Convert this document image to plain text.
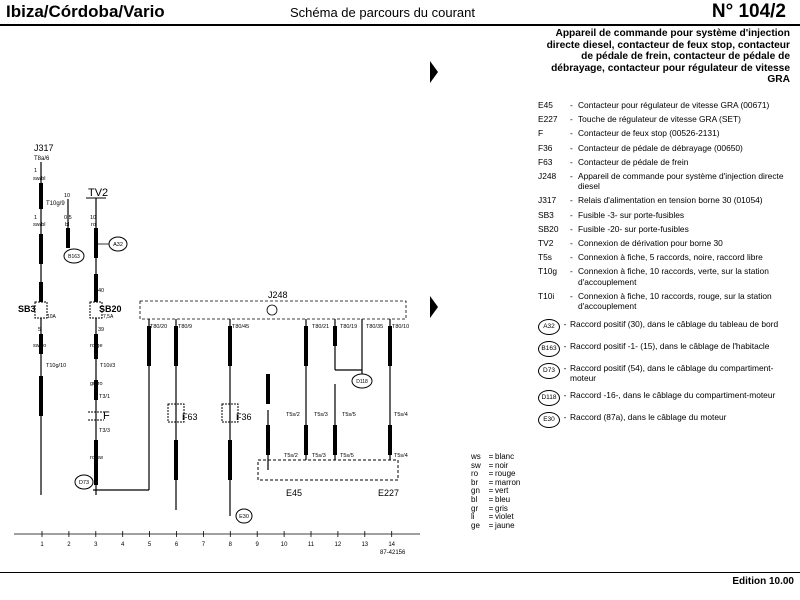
Ibiza/Córdoba/Vario	Schéma de parcours du courant	N° 104/2
Appareil de commande pour système d'injection directe diesel, contacteur de feux stop, contacteur de pédale de frein, contacteur de pédale de débrayage, contacteur pour régulateur de vitesse GRA
E45	- Contacteur pour régulateur de vitesse GRA (00671)
E227	- Touche de régulateur de vitesse GRA (SET)
F	- Contacteur de feux stop (00526-2131)
F36	- Contacteur de pédale de débrayage (00650)
F63	- Contacteur de pédale de frein
J248	- Appareil de commande pour système d'injection directe diesel
J317	- Relais d'alimentation en tension borne 30 (01054)
SB3	- Fusible -3- sur porte-fusibles
SB20	- Fusible -20- sur porte-fusibles
TV2	- Connexion de dérivation pour borne 30
T5s	- Connexion à fiche, 5 raccords, noire, raccord libre
T10g	- Connexion à fiche, 10 raccords, verte, sur la station d'accouplement
T10i	- Connexion à fiche, 10 raccords, rouge, sur la station d'accouplement
A32	- Raccord positif (30), dans le câblage du tableau de bord
B163 - Raccord positif -1- (15), dans le câblage de l'habitacle
D73	- Raccord positif (54), dans le câblage du compartiment-moteur
D118 - Raccord -16-, dans le câblage du compartiment-moteur
E30	- Raccord (87a), dans le câblage du moteur
ws = blanc
sw = noir
ro = rouge
br = marron
gn = vert
bl = bleu
gr = gris
li = violet
ge = jaune
J317
T8a/6
TV2
SB3
10A
SB20
7,5A
T10g/9
T10g/10	T10i/3
T3/1
T3/3
1
sw/bl
10
0.5
bl
1
sw/bl
10
ro
40
39
ro/ge
5
sw/ro
gn/ro
ro/sw
A32
B163
D73
D118
E30
F
J248
F63	F36
E45	E227
T80/20 T80/9	T80/45	T80/21 T80/19 T80/35 T80/10
T5s/2	T5s/3	T5s/5	T5s/4
T5s/2	T5s/3	T5s/5	T5s/4
1	2	3	4	5	6	7	8	9	10	11	12	13	14
87-42156
Edition 10.00
